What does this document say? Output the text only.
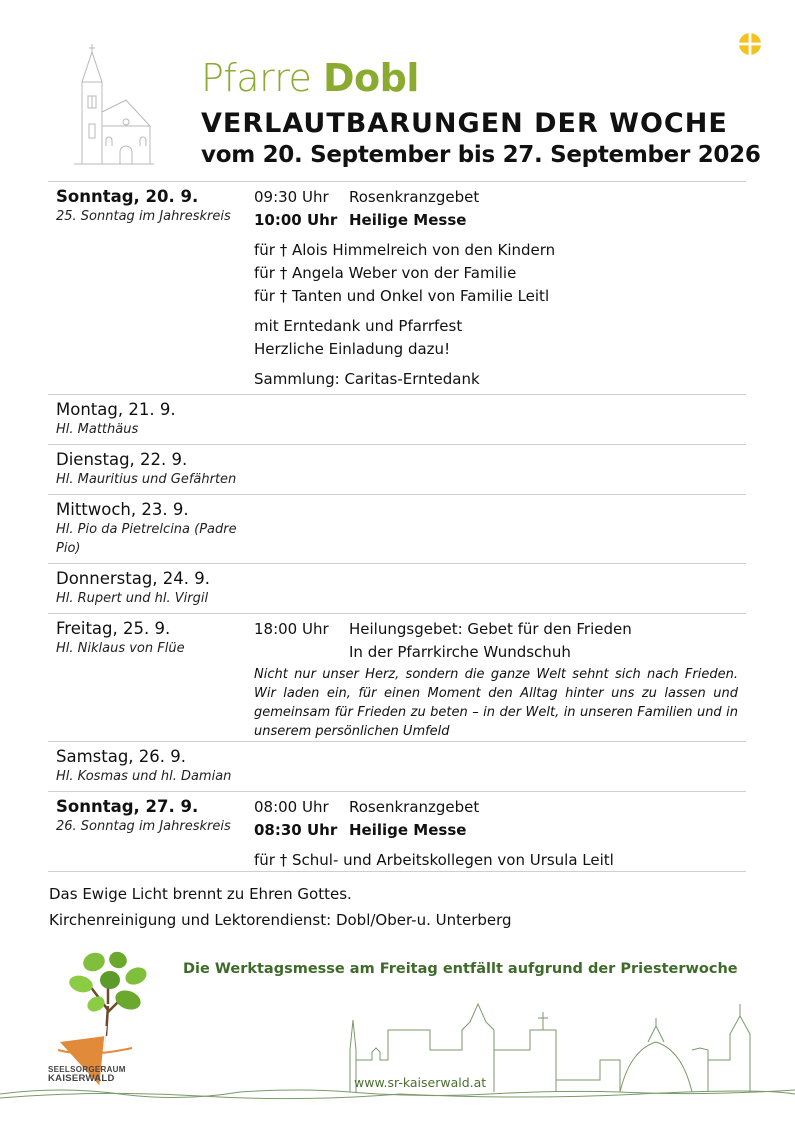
Pfarre Dobl
VERLAUTBARUNGEN DER WOCHE
vom 20. September bis 27. September 2026
Sonntag, 20. 9.
25. Sonntag im Jahreskreis
09:30 Uhr	Rosenkranzgebet
10:00 Uhr Heilige Messe
für † Alois Himmelreich von den Kindern
für † Angela Weber von der Familie
für † Tanten und Onkel von Familie Leitl
mit Erntedank und Pfarrfest
Herzliche Einladung dazu!
Sammlung: Caritas-Erntedank
Montag, 21. 9.
Hl. Matthäus
Dienstag, 22. 9.
Hl. Mauritius und Gefährten
Mittwoch, 23. 9.
Hl. Pio da Pietrelcina (Padre Pio)
Donnerstag, 24. 9.
Hl. Rupert und hl. Virgil
Freitag, 25. 9.
Hl. Niklaus von Flüe
18:00 Uhr	Heilungsgebet: Gebet für den Frieden
In der Pfarrkirche Wundschuh
Nicht nur unser Herz, sondern die ganze Welt sehnt sich nach Frieden. Wir laden ein, für einen Moment den Alltag hinter uns zu lassen und gemeinsam für Frieden zu beten – in der Welt, in unseren Familien und in unserem persönlichen Umfeld
Samstag, 26. 9.
Hl. Kosmas und hl. Damian
Sonntag, 27. 9.
26. Sonntag im Jahreskreis
08:00 Uhr	Rosenkranzgebet
08:30 Uhr Heilige Messe
für † Schul- und Arbeitskollegen von Ursula Leitl
Das Ewige Licht brennt zu Ehren Gottes.
Kirchenreinigung und Lektorendienst: Dobl/Ober-u. Unterberg
Die Werktagsmesse am Freitag entfällt aufgrund der Priesterwoche
SEELSORGERAUM
KAISERWALD	www.sr-kaiserwald.at
